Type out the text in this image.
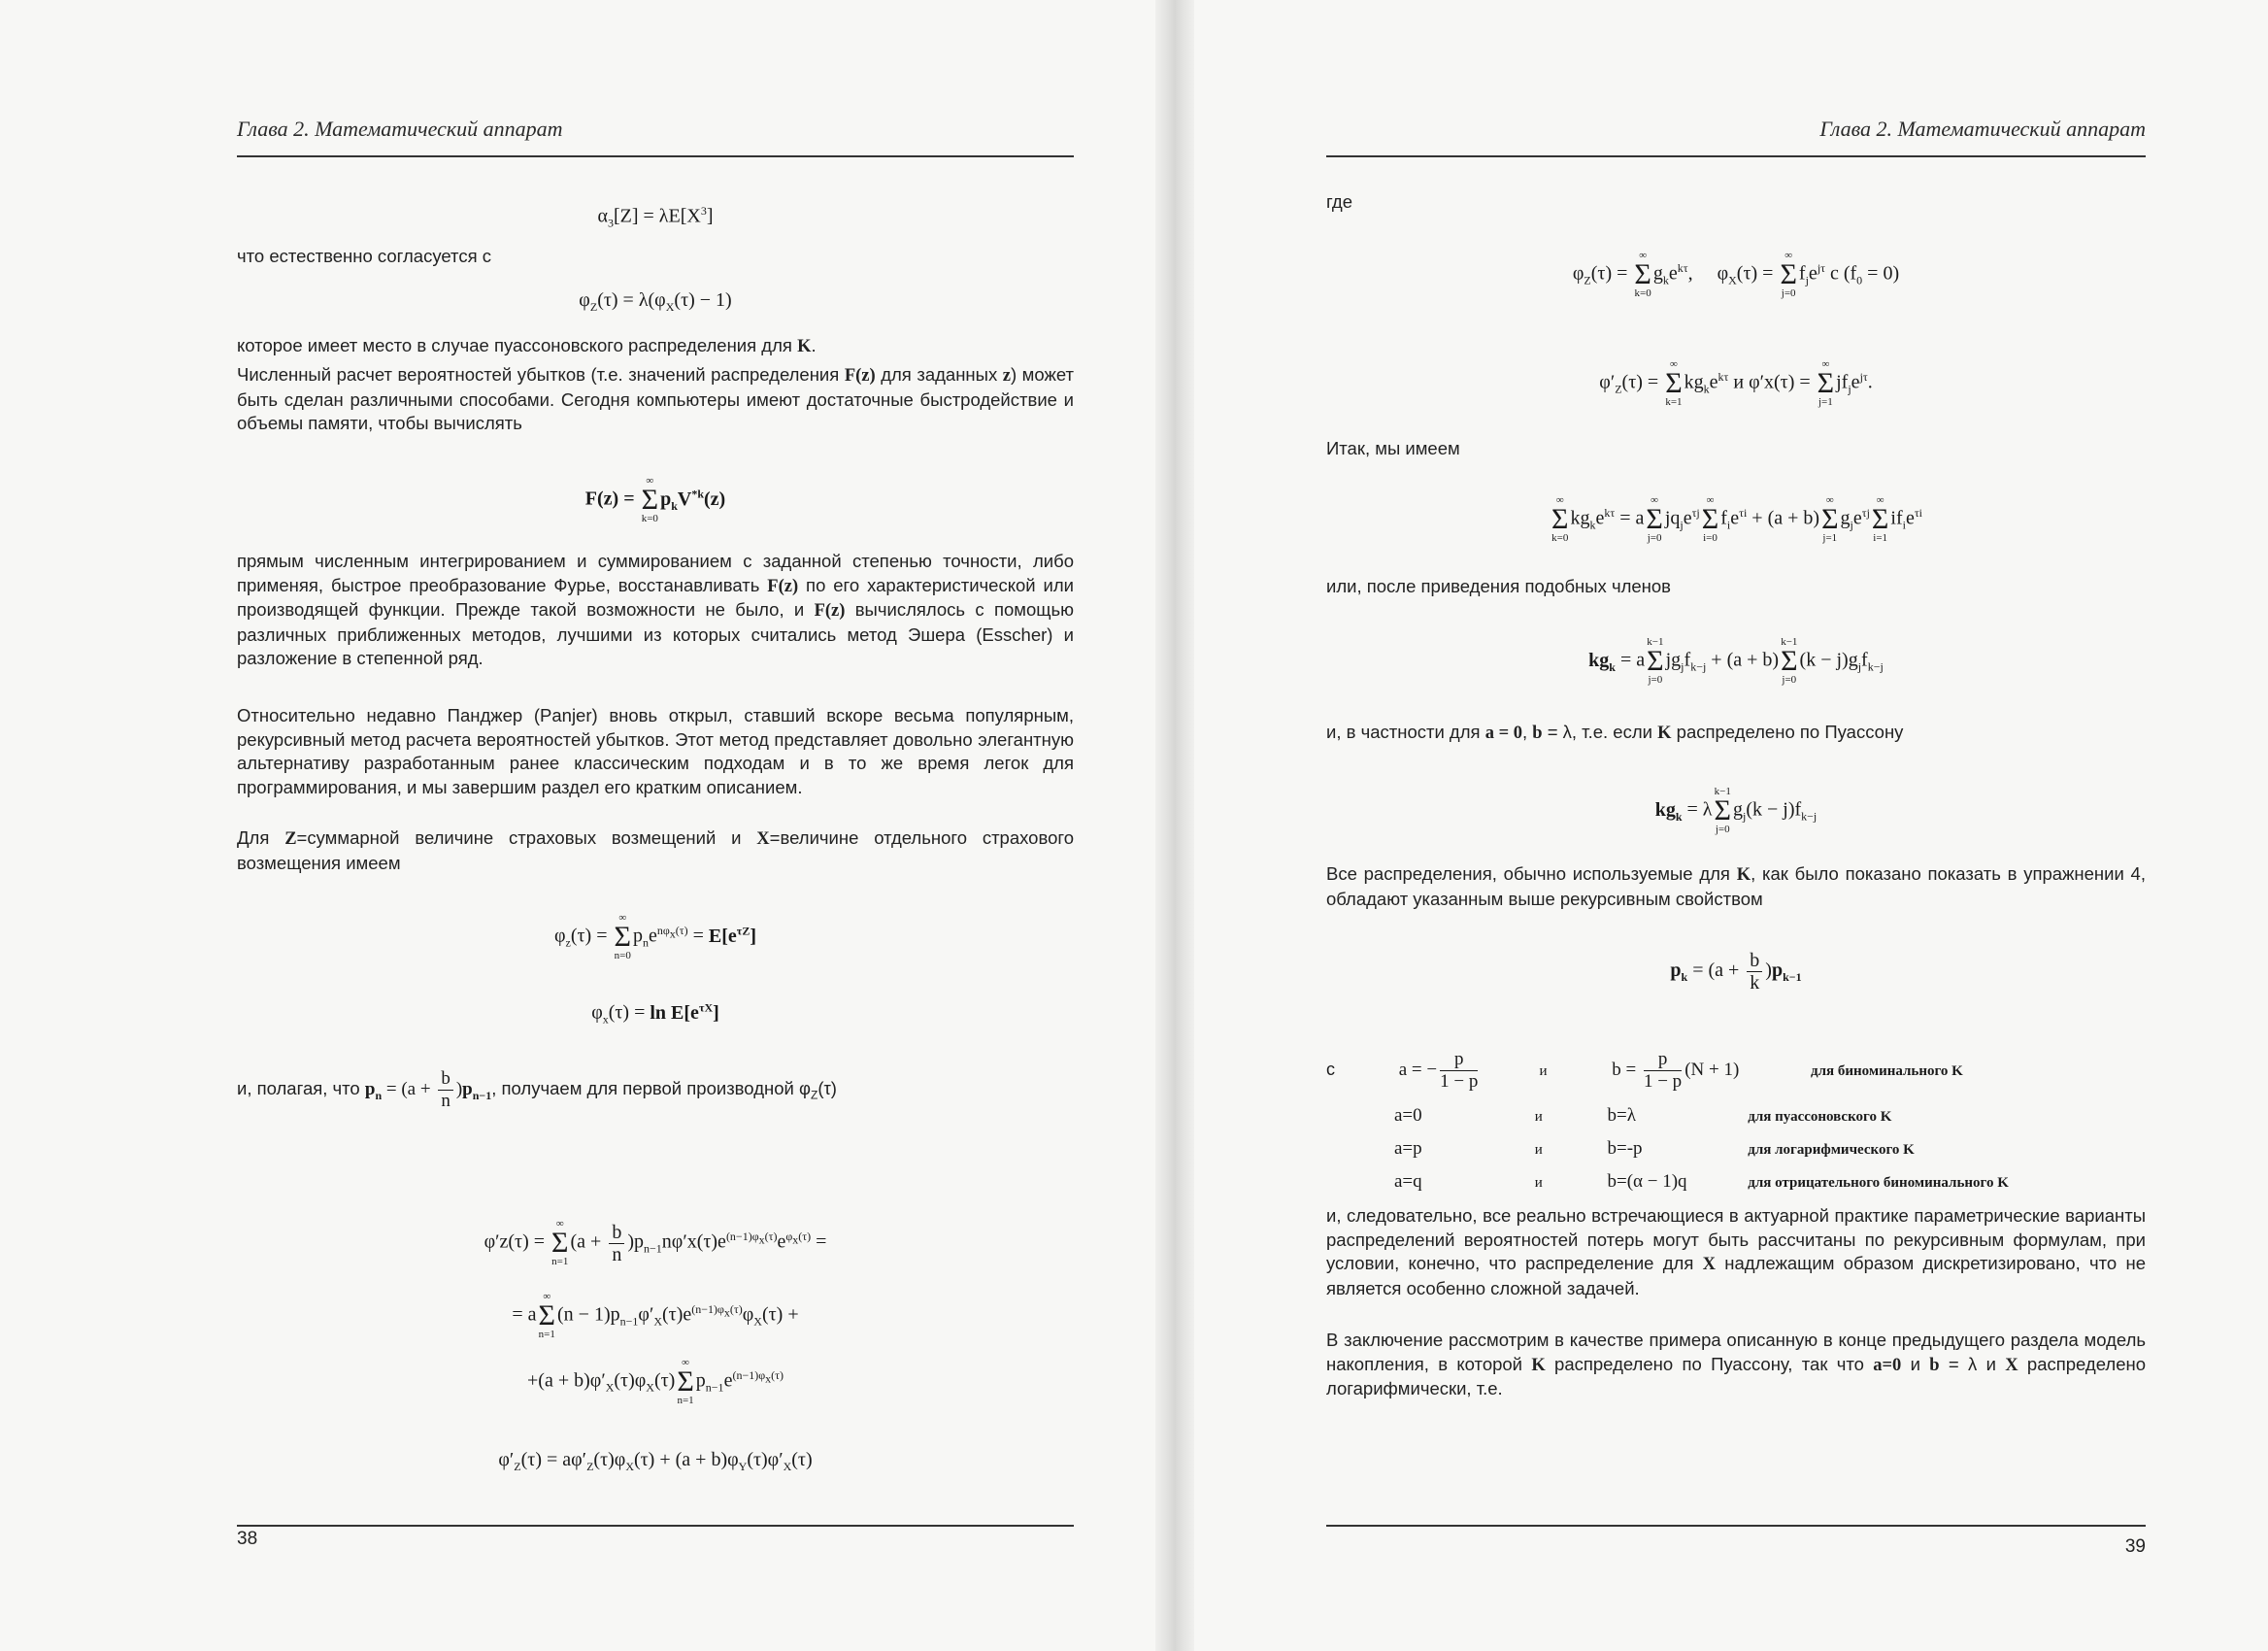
Глава 2. Математический аппарат
$\alpha_3[Z] = \lambda E[X^3]$
что естественно согласуется с
$\varphi_Z(\tau) = \lambda(\varphi_X(\tau) - 1)$
которое имеет место в случае пуассоновского распределения для K.
Численный расчет вероятностей убытков (т.е. значений распределения F(z) для заданных z) может быть сделан различными способами. Сегодня компьютеры имеют достаточные быстродействие и объемы памяти, чтобы вычислять
F(z) =
∞
Σ
k=0
$p_kV^{*k}(z)$
прямым численным интегрированием и суммированием с заданной степенью точности, либо применяя, быстрое преобразование Фурье, восстанавливать F(z) по его характеристической или производящей функции. Прежде такой возможности не было, и F(z) вычислялось с помощью различных приближенных методов, лучшими из которых считались метод Эшера (Esscher) и разложение в степенной ряд.
Относительно недавно Панджер (Panjer) вновь открыл, ставший вскоре весьма популярным, рекурсивный метод расчета вероятностей убытков. Этот метод представляет довольно элегантную альтернативу разработанным ранее классическим подходам и в то же время легок для программирования, и мы завершим раздел его кратким описанием.
Для Z=суммарной величине страховых возмещений и X=величине отдельного страхового возмещения имеем
$\varphi_z(\tau)$ =
∞
Σ
n=0
$p_ne^{n\varphi_x(\tau)} = E[e^{\tau Z}]$
$\varphi_x(\tau) = \ln E[e^{\tau X}]$
и, полагая, что $p_n = (a + \frac{b}{n} )p_{n-1}$, получаем для первой производной $\varphi_Z(\tau)$
φ′z(τ) =
∞
Σ
n=1
$(a + \frac{b}{n} )p_{n-1}n\varphi'x(\tau)e^{(n-1)\varphi_x(\tau)}e^{\varphi_x(\tau)}$ =
= a
∞
Σ
n=1
$(n - 1)p_{n-1}\varphi'_X(\tau)e^{(n-1)\varphi_x(\tau)}\varphi_X(\tau)$ +
$+(a + b)\varphi'_X(\tau)\varphi_X(\tau)$
∞
Σ
n=1
$p_{n-1}e^{(n-1)\varphi_x(\tau)}$
$\varphi'_Z(\tau) = a\varphi'_Z(\tau)\varphi_X(\tau) + (a + b)\varphi_Y(\tau)\varphi'_X(\tau)$
38
Глава 2. Математический аппарат
где
$\varphi_Z(\tau)$ =
∞
Σ
k=0
$g_ke^{k\tau}$,     $\varphi_X(\tau)$ =
∞
Σ
j=0
$f_je^{j\tau}$ с $(f_0 = 0)$
$\varphi'_Z(\tau)$ =
∞
Σ
k=1
$kg_ke^{k\tau}$ и φ′x(τ) =
∞
Σ
j=1
$jf_je^{j\tau}$.
Итак, мы имеем
∞
Σ
k=0
$kg_ke^{k\tau} = a$
∞
Σ
j=0
$jq_je^{\tau j}$
∞
Σ
i=0
$f_ie^{\tau i} + (a + b)$
∞
Σ
j=1
$g_je^{\tau j}$
∞
Σ
i=1
$if_ie^{\tau i}$
или, после приведения подобных членов
$kg_k = a$
k−1
Σ
j=0
$jg_jf_{k-j} + (a + b)$
k−1
Σ
j=0
$(k - j)g_jf_{k-j}$
и, в частности для a = 0, b = λ, т.е. если K распределено по Пуассону
$kg_k = \lambda$
k−1
Σ
j=0
$g_j(k - j)f_{k-j}$
Все распределения, обычно используемые для K, как было показано показать в упражнении 4, обладают указанным выше рекурсивным свойством
$p_k = (a + \frac{b}{k} )p_{k-1}$
с	a = − $\frac{p}{1 - p}$	и	$b = \frac{p}{1 - p} (N + 1)$	для биноминального K
a=0	и	b=λ	для пуассоновского K
a=p	и	b=-p	для логарифмического K
a=q	и	b=(α − 1)q	для отрицательного биноминального K
и, следовательно, все реально встречающиеся в актуарной практике параметрические варианты распределений вероятностей потерь могут быть рассчитаны по рекурсивным формулам, при условии, конечно, что распределение для X надлежащим образом дискретизировано, что не является особенно сложной задачей.
В заключение рассмотрим в качестве примера описанную в конце предыдущего раздела модель накопления, в которой K распределено по Пуассону, так что a=0 и b = λ и X распределено логарифмически, т.е.
39
